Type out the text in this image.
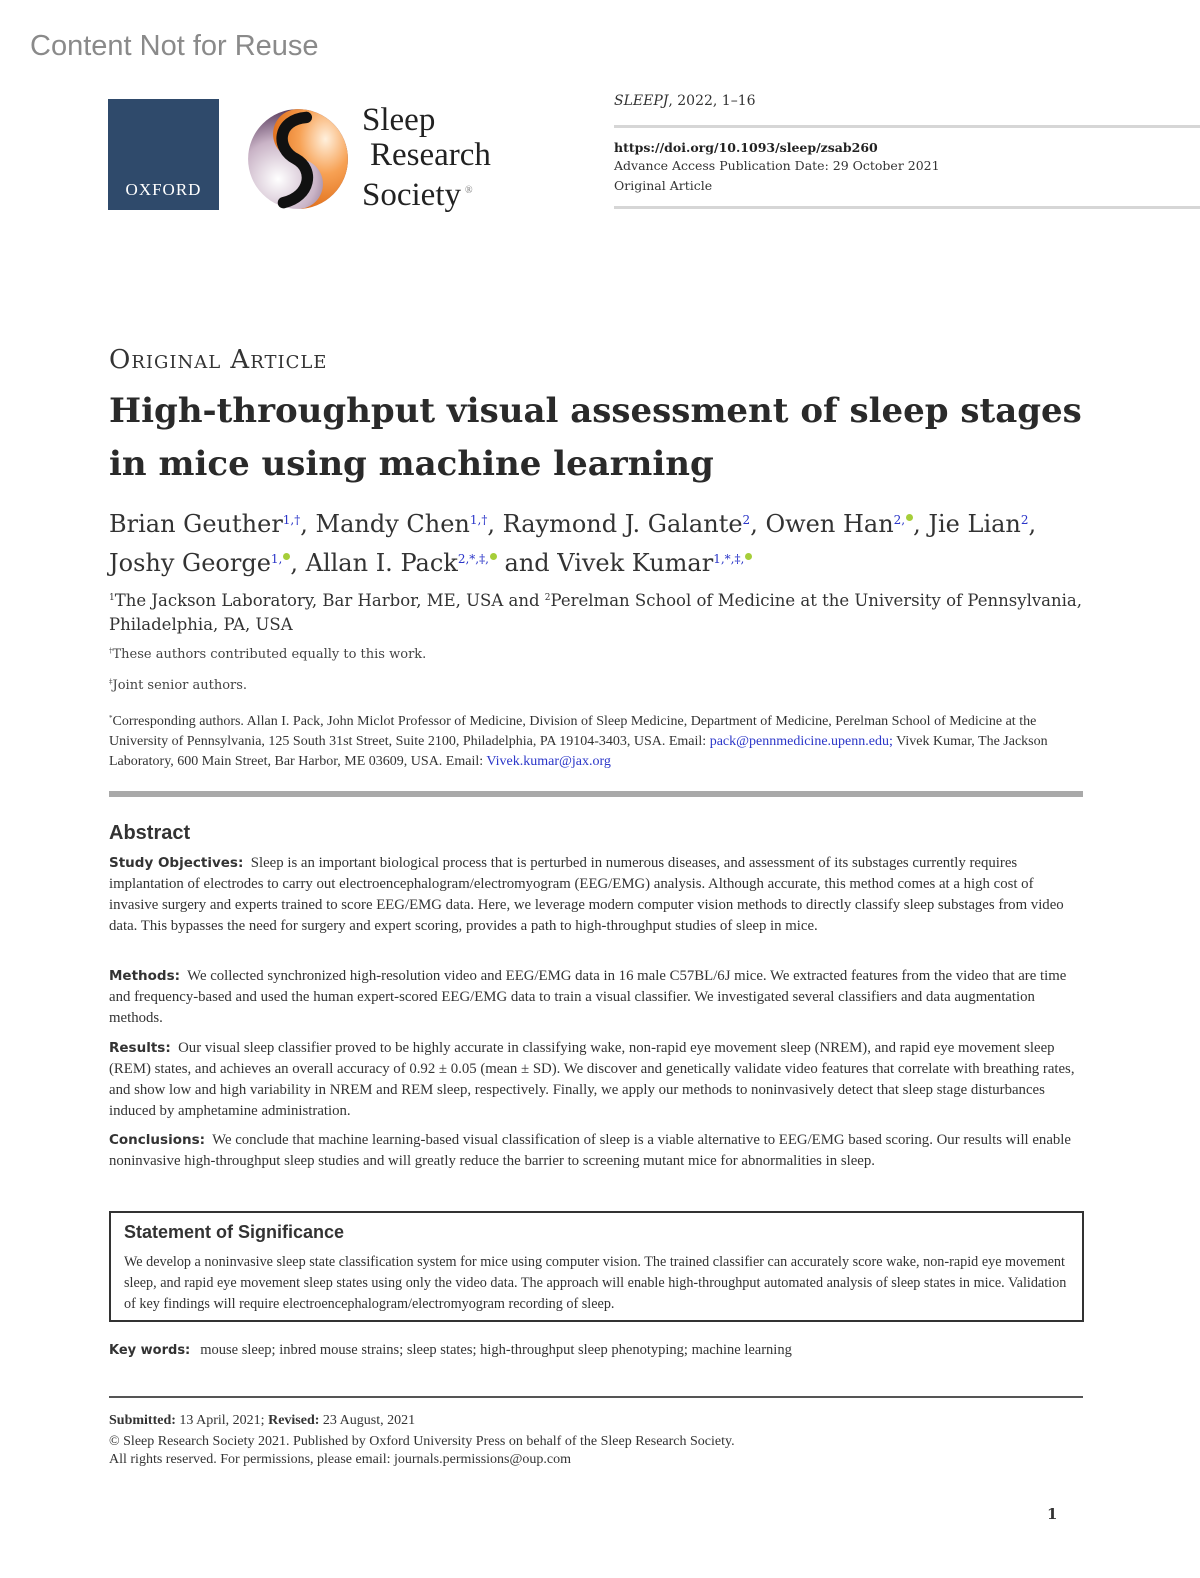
Content Not for Reuse
OXFORD
Sleep
Research
Society ®
SLEEPJ, 2022, 1–16
https://doi.org/10.1093/sleep/zsab260
Advance Access Publication Date: 29 October 2021
Original Article
Original Article
High-throughput visual assessment of sleep stages in mice using machine learning
Brian Geuther$^{1,\dagger}$, Mandy Chen$^{1,\dagger}$, Raymond J. Galante$^2$, Owen Han$^{2,}$ , Jie Lian$^2$, Joshy George$^{1,}$ , Allan I. Pack$^{2,*,\ddagger,}$ and Vivek Kumar$^{1,*,\ddagger,}$
$^1$The Jackson Laboratory, Bar Harbor, ME, USA and $^2$Perelman School of Medicine at the University of Pennsylvania, Philadelphia, PA, USA
†These authors contributed equally to this work.
‡Joint senior authors.
*Corresponding authors. Allan I. Pack, John Miclot Professor of Medicine, Division of Sleep Medicine, Department of Medicine, Perelman School of Medicine at the University of Pennsylvania, 125 South 31st Street, Suite 2100, Philadelphia, PA 19104-3403, USA. Email: pack@pennmedicine.upenn.edu; Vivek Kumar, The Jackson Laboratory, 600 Main Street, Bar Harbor, ME 03609, USA. Email: Vivek.kumar@jax.org
Abstract
Study Objectives: Sleep is an important biological process that is perturbed in numerous diseases, and assessment of its substages currently requires implantation of electrodes to carry out electroencephalogram/electromyogram (EEG/EMG) analysis. Although accurate, this method comes at a high cost of invasive surgery and experts trained to score EEG/EMG data. Here, we leverage modern computer vision methods to directly classify sleep substages from video data. This bypasses the need for surgery and expert scoring, provides a path to high-throughput studies of sleep in mice.
Methods: We collected synchronized high-resolution video and EEG/EMG data in 16 male C57BL/6J mice. We extracted features from the video that are time and frequency-based and used the human expert-scored EEG/EMG data to train a visual classifier. We investigated several classifiers and data augmentation methods.
Results: Our visual sleep classifier proved to be highly accurate in classifying wake, non-rapid eye movement sleep (NREM), and rapid eye movement sleep (REM) states, and achieves an overall accuracy of 0.92 ± 0.05 (mean ± SD). We discover and genetically validate video features that correlate with breathing rates, and show low and high variability in NREM and REM sleep, respectively. Finally, we apply our methods to noninvasively detect that sleep stage disturbances induced by amphetamine administration.
Conclusions: We conclude that machine learning-based visual classification of sleep is a viable alternative to EEG/EMG based scoring. Our results will enable noninvasive high-throughput sleep studies and will greatly reduce the barrier to screening mutant mice for abnormalities in sleep.
Statement of Significance
We develop a noninvasive sleep state classification system for mice using computer vision. The trained classifier can accurately score wake, non-rapid eye movement sleep, and rapid eye movement sleep states using only the video data. The approach will enable high-throughput automated analysis of sleep states in mice. Validation of key findings will require electroencephalogram/electromyogram recording of sleep.
Key words: mouse sleep; inbred mouse strains; sleep states; high-throughput sleep phenotyping; machine learning
Submitted: 13 April, 2021; Revised: 23 August, 2021
© Sleep Research Society 2021. Published by Oxford University Press on behalf of the Sleep Research Society.
All rights reserved. For permissions, please email: journals.permissions@oup.com
1
